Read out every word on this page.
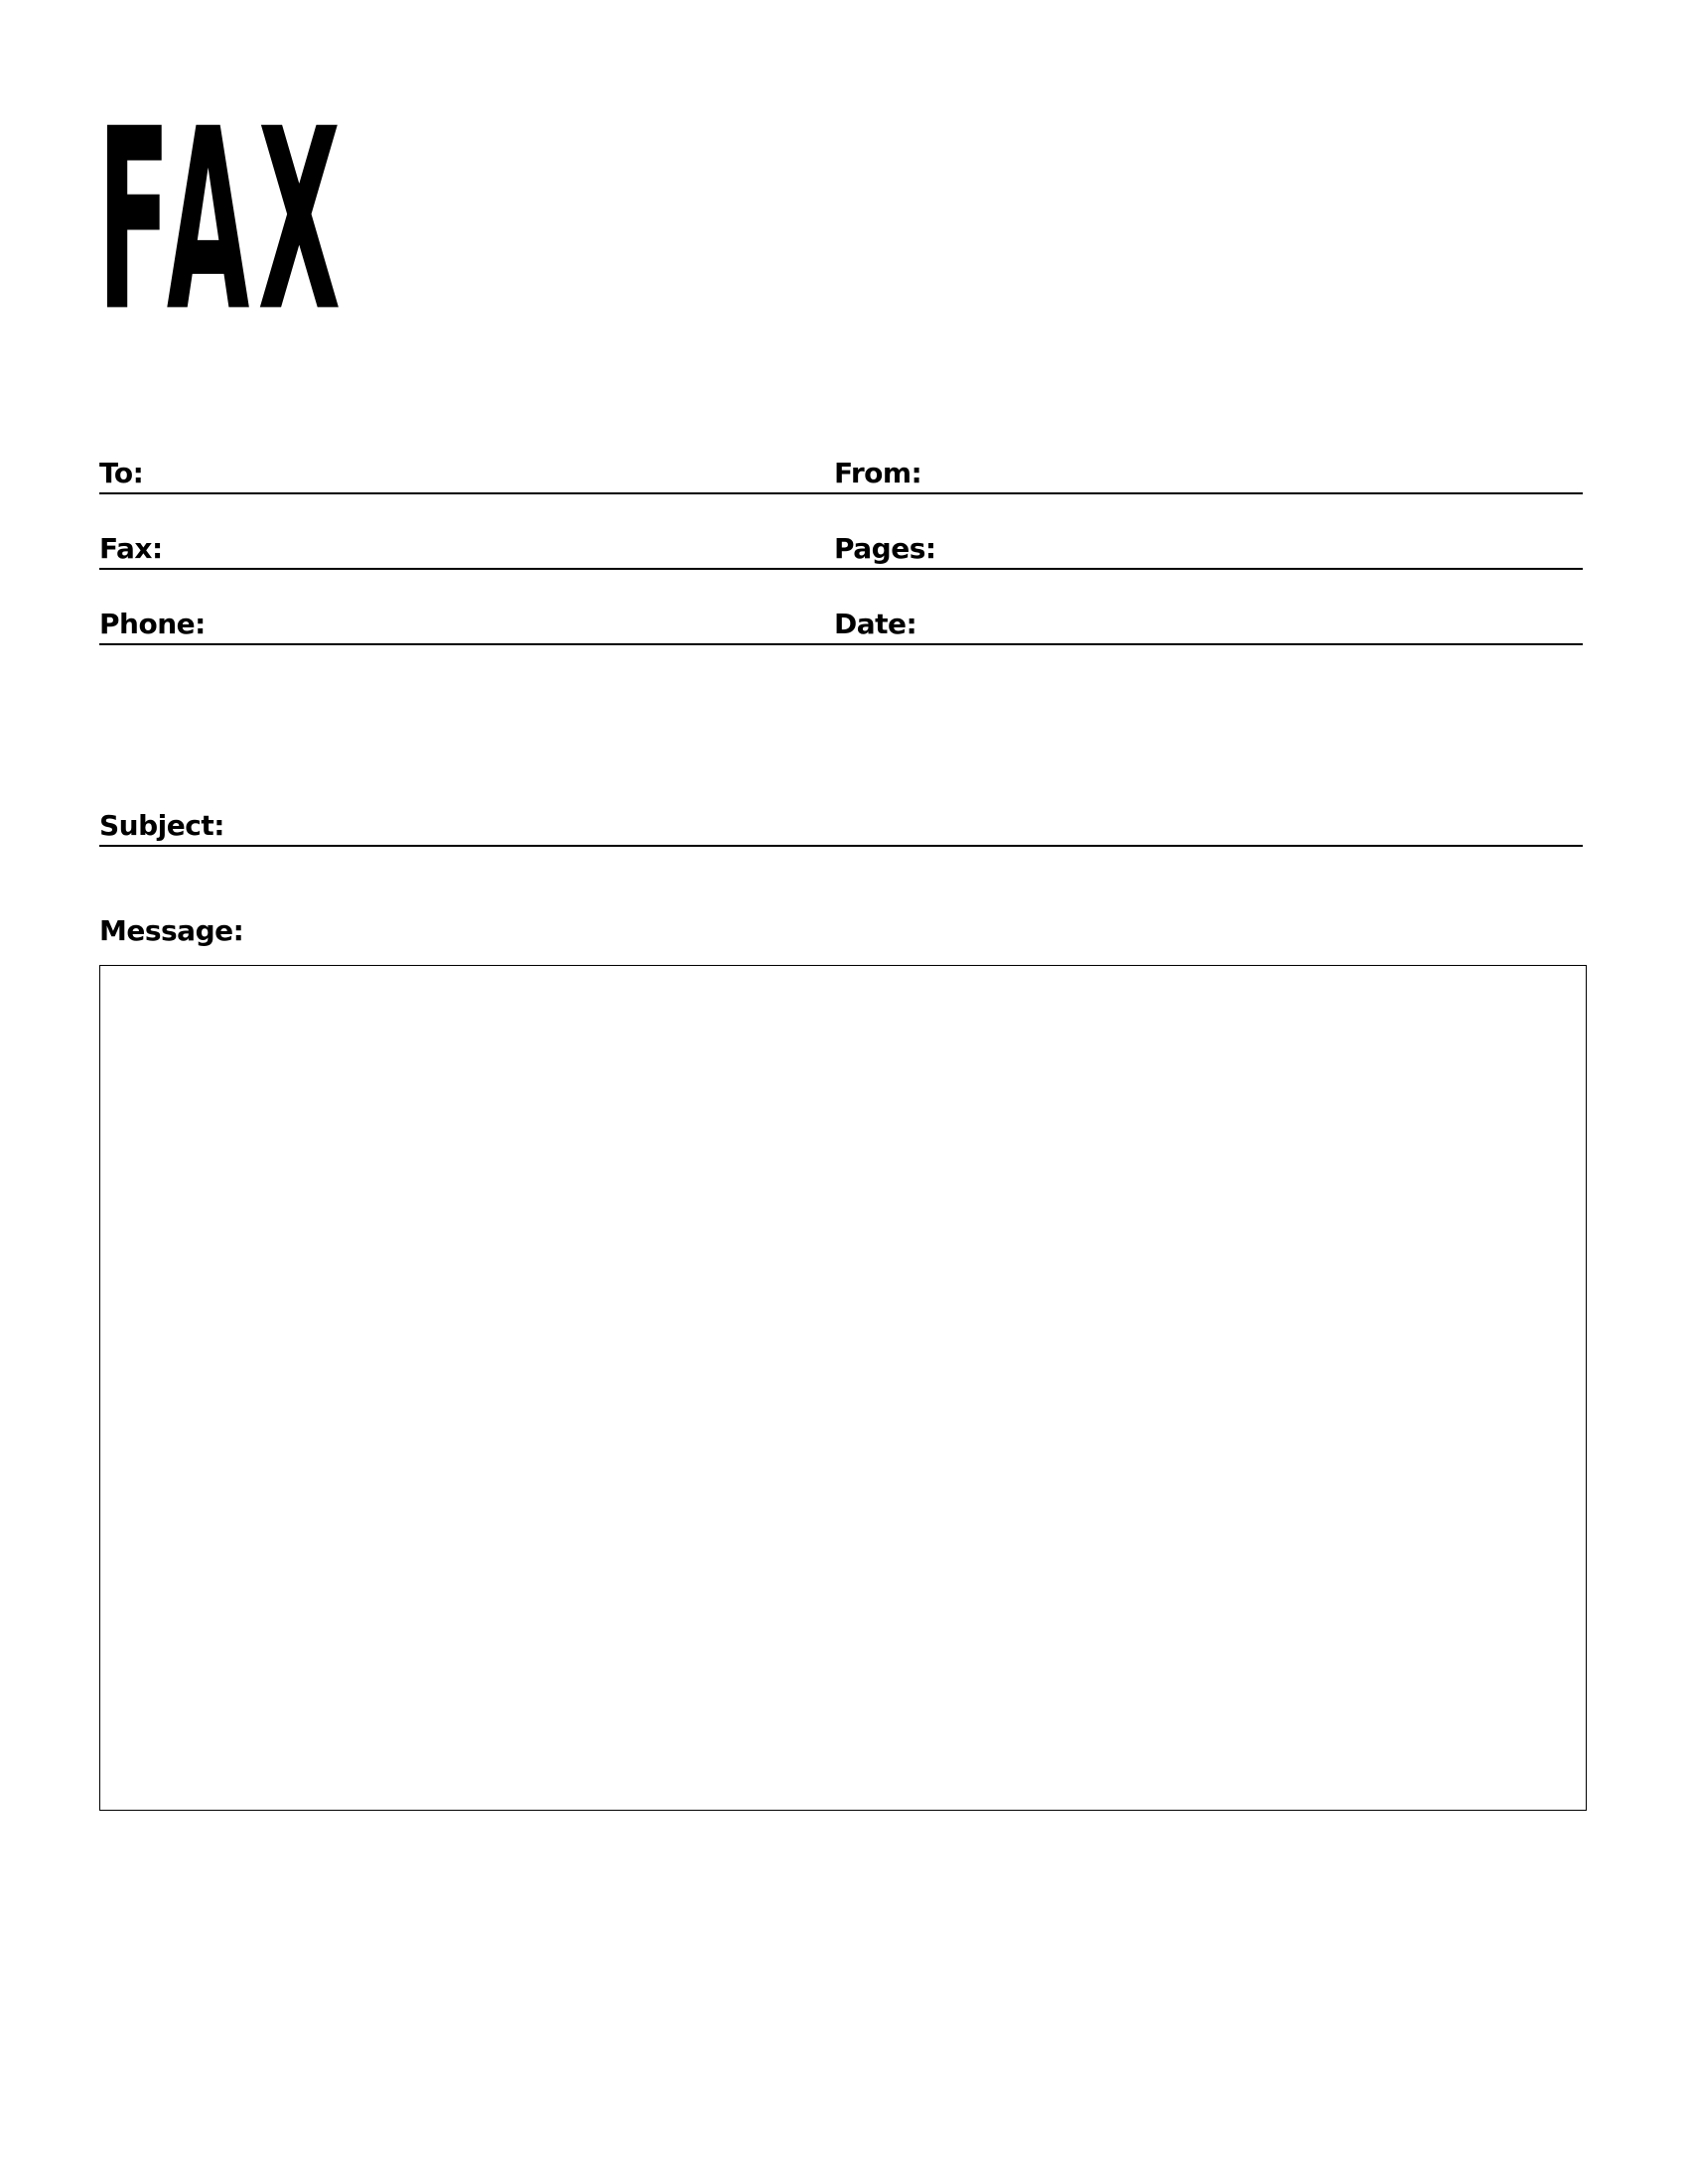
FAX
To:	From:
Fax:	Pages:
Phone:	Date:
Subject:
Message:
